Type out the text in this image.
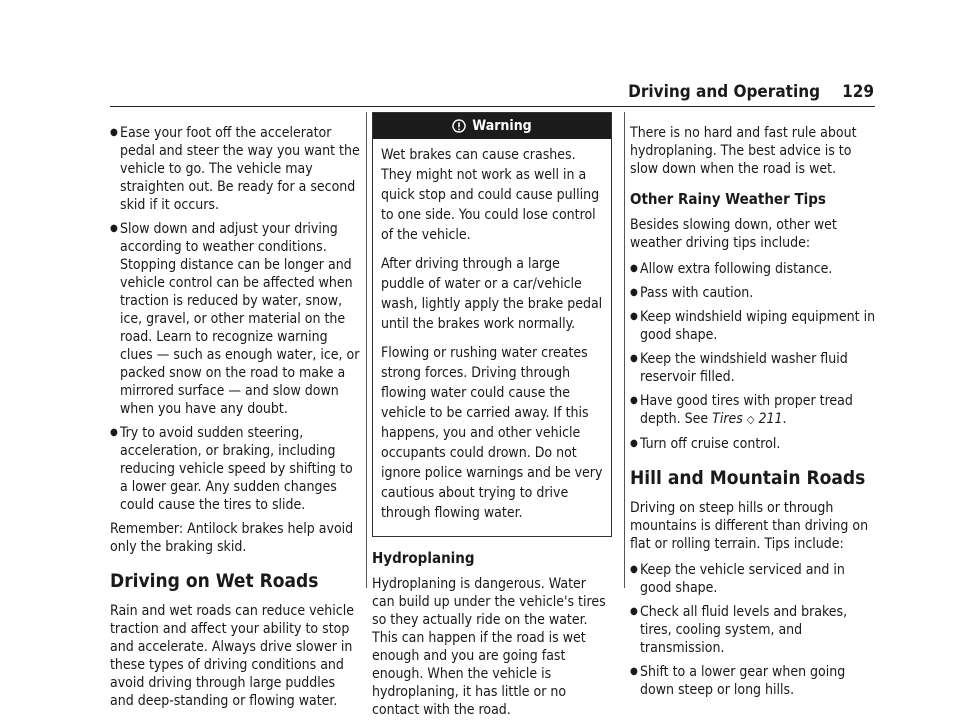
Driving and Operating 129
● Ease your foot off the accelerator pedal and steer the way you want the vehicle to go. The vehicle may straighten out. Be ready for a second skid if it occurs.
● Slow down and adjust your driving according to weather conditions. Stopping distance can be longer and vehicle control can be affected when traction is reduced by water, snow, ice, gravel, or other material on the road. Learn to recognize warning clues — such as enough water, ice, or packed snow on the road to make a mirrored surface — and slow down when you have any doubt.
● Try to avoid sudden steering, acceleration, or braking, including reducing vehicle speed by shifting to a lower gear. Any sudden changes could cause the tires to slide.

Remember: Antilock brakes help avoid only the braking skid.

Driving on Wet Roads

Rain and wet roads can reduce vehicle traction and affect your ability to stop and accelerate. Always drive slower in these types of driving conditions and avoid driving through large puddles and deep-standing or flowing water.

Warning

Wet brakes can cause crashes. They might not work as well in a quick stop and could cause pulling to one side. You could lose control of the vehicle.

After driving through a large puddle of water or a car/vehicle wash, lightly apply the brake pedal until the brakes work normally.

Flowing or rushing water creates strong forces. Driving through flowing water could cause the vehicle to be carried away. If this happens, you and other vehicle occupants could drown. Do not ignore police warnings and be very cautious about trying to drive through flowing water.

Hydroplaning

Hydroplaning is dangerous. Water can build up under the vehicle's tires so they actually ride on the water. This can happen if the road is wet enough and you are going fast enough. When the vehicle is hydroplaning, it has little or no contact with the road.

There is no hard and fast rule about hydroplaning. The best advice is to slow down when the road is wet.

Other Rainy Weather Tips

Besides slowing down, other wet weather driving tips include:

● Allow extra following distance.
● Pass with caution.
● Keep windshield wiping equipment in good shape.
● Keep the windshield washer fluid reservoir filled.
● Have good tires with proper tread depth. See Tires ◇ 211.
● Turn off cruise control.
Hill and Mountain Roads

Driving on steep hills or through mountains is different than driving on flat or rolling terrain. Tips include:

● Keep the vehicle serviced and in good shape.
● Check all fluid levels and brakes, tires, cooling system, and transmission.
● Shift to a lower gear when going down steep or long hills.
